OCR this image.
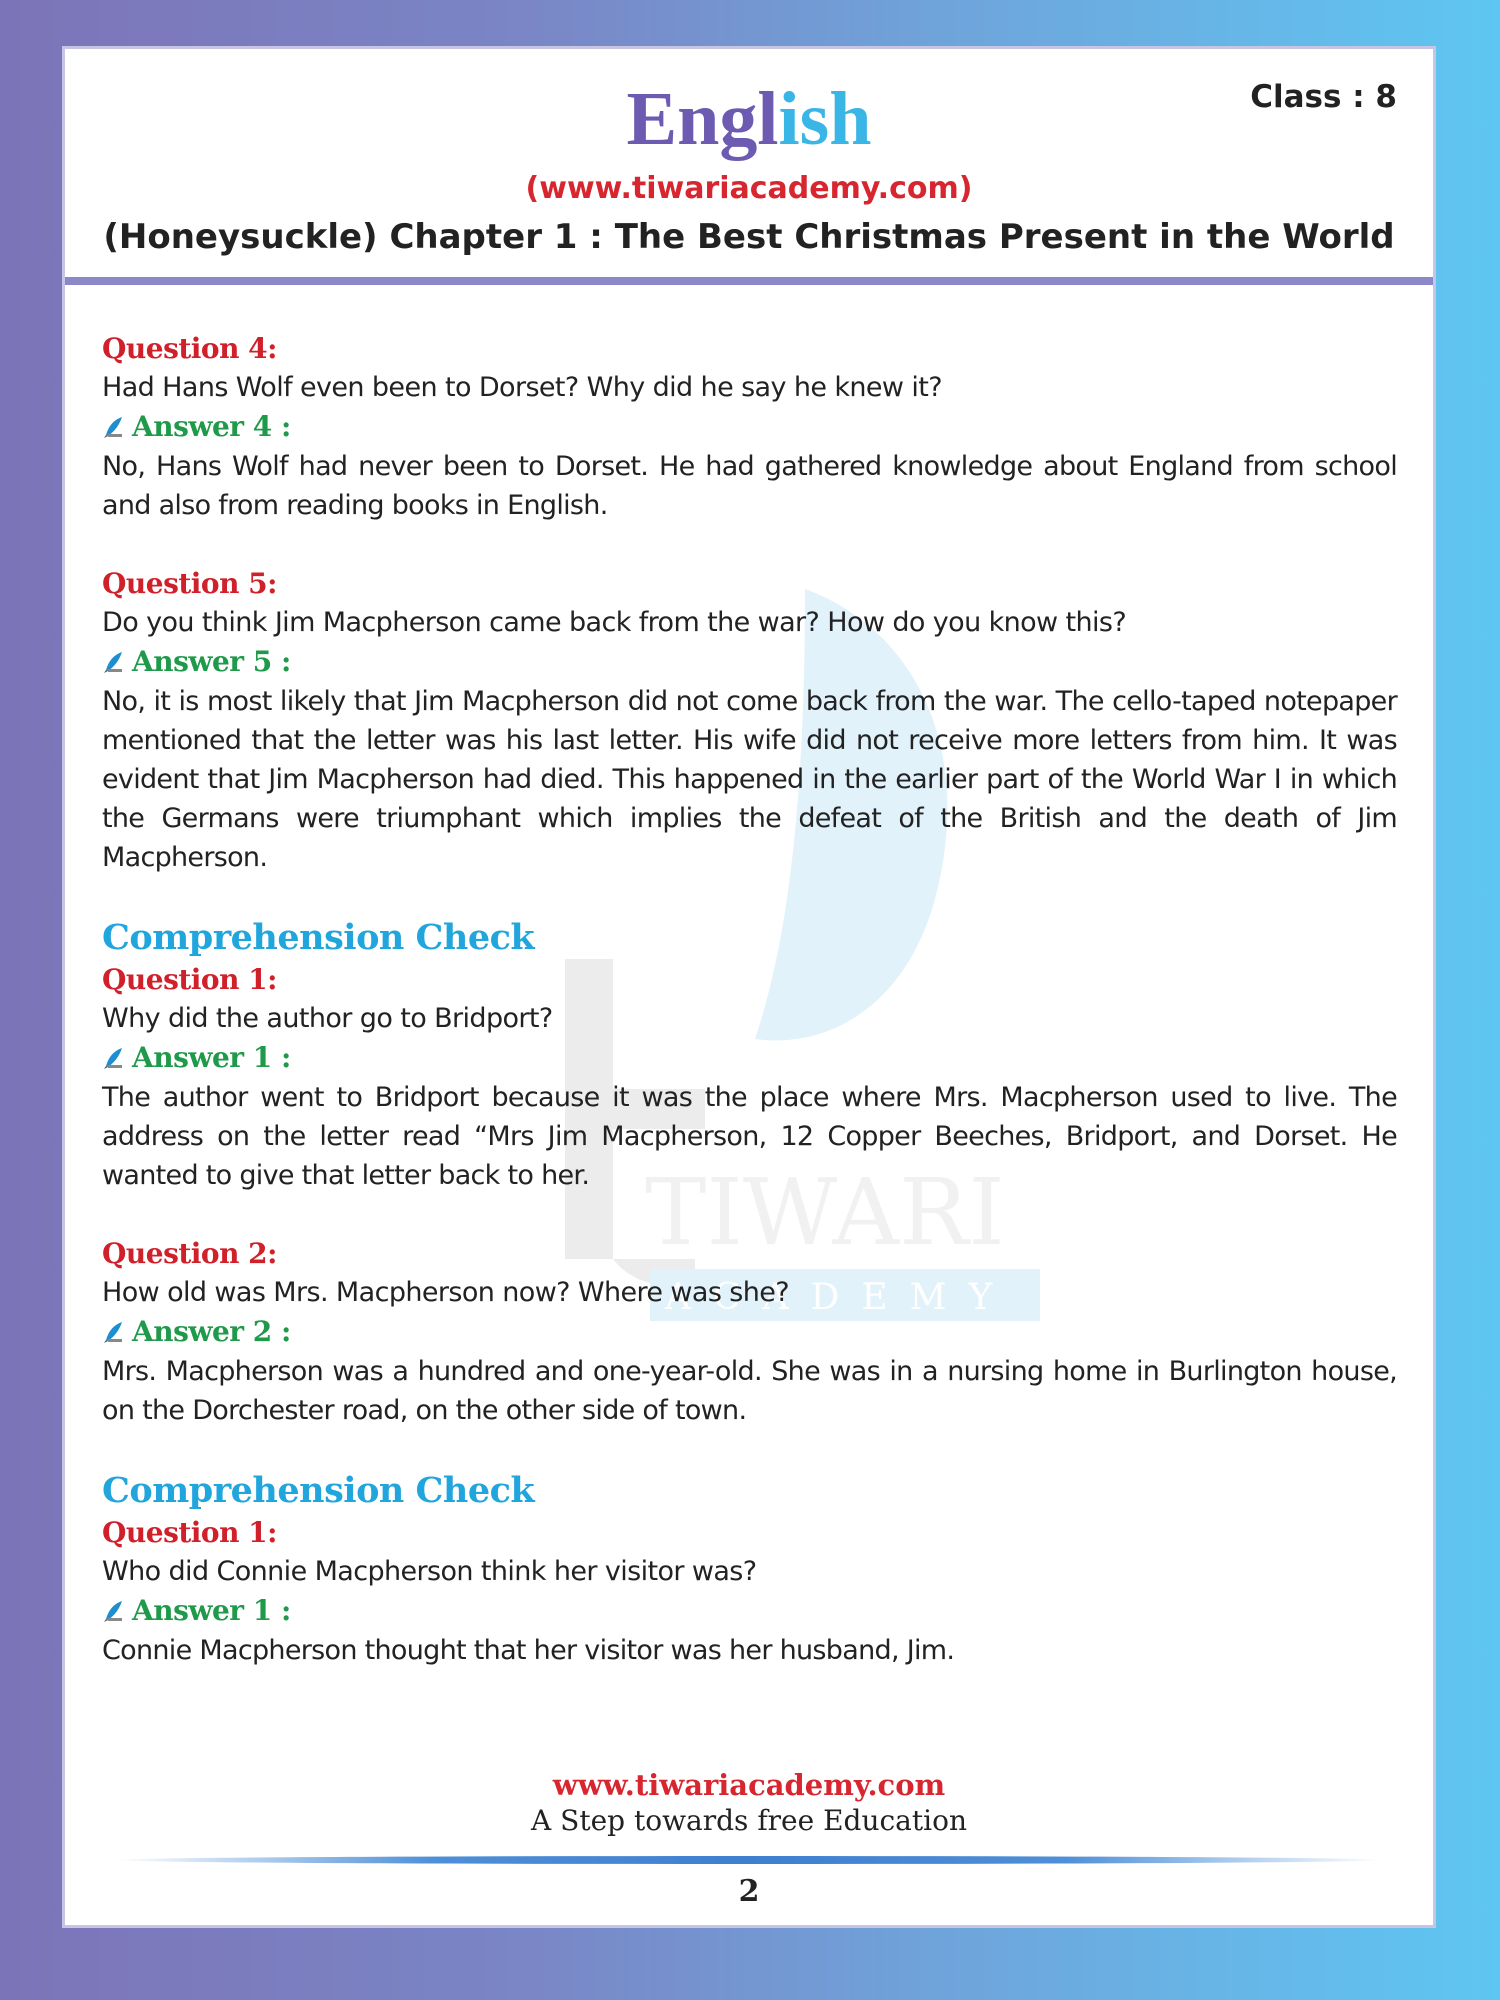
Class : 8
English
(www.tiwariacademy.com)
(Honeysuckle) Chapter 1 : The Best Christmas Present in the World
TIWARI
ACADEMY

Question 4:

Had Hans Wolf even been to Dorset? Why did he say he knew it?

Answer 4 :

No, Hans Wolf had never been to Dorset. He had gathered knowledge about England from school and also from reading books in English.

Question 5:

Do you think Jim Macpherson came back from the war? How do you know this?

Answer 5 :

No, it is most likely that Jim Macpherson did not come back from the war. The cello-taped notepaper mentioned that the letter was his last letter. His wife did not receive more letters from him. It was evident that Jim Macpherson had died. This happened in the earlier part of the World War I in which the Germans were triumphant which implies the defeat of the British and the death of Jim Macpherson.

Comprehension Check

Question 1:

Why did the author go to Bridport?

Answer 1 :

The author went to Bridport because it was the place where Mrs. Macpherson used to live. The address on the letter read “Mrs Jim Macpherson, 12 Copper Beeches, Bridport, and Dorset. He wanted to give that letter back to her.

Question 2:

How old was Mrs. Macpherson now? Where was she?

Answer 2 :

Mrs. Macpherson was a hundred and one-year-old. She was in a nursing home in Burlington house, on the Dorchester road, on the other side of town.

Comprehension Check

Question 1:

Who did Connie Macpherson think her visitor was?

Answer 1 :

Connie Macpherson thought that her visitor was her husband, Jim.

www.tiwariacademy.com
A Step towards free Education
2
